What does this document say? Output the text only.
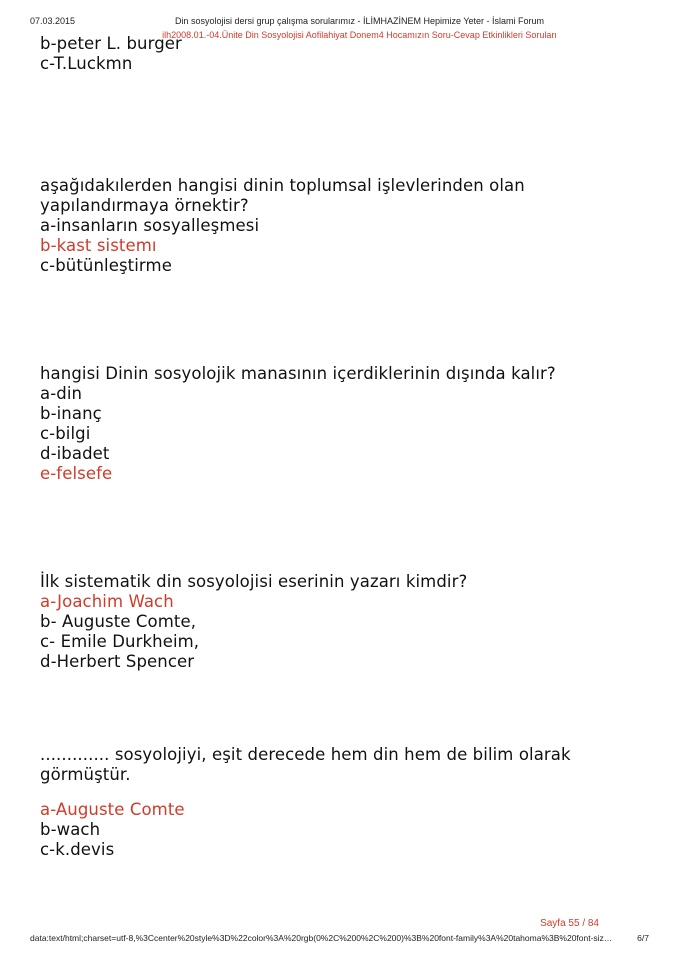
07.03.2015	Din sosyolojisi dersi grup çalışma sorularımız - İLİMHAZİNEM Hepimize Yeter - İslami Forum
ilh2008.01.-04.Ünite Din Sosyolojisi Aofilahiyat Donem4 Hocamızın Soru-Cevap Etkinlikleri Soruları
b-peter L. burger
c-T.Luckmn
aşağıdakılerden hangisi dinin toplumsal işlevlerinden olan
yapılandırmaya örnektir?
a-insanların sosyalleşmesi
b-kast sistemı
c-bütünleştirme
hangisi Dinin sosyolojik manasının içerdiklerinin dışında kalır?
a-din
b-inanç
c-bilgi
d-ibadet
e-felsefe
İlk sistematik din sosyolojisi eserinin yazarı kimdir?
a-Joachim Wach
b- Auguste Comte,
c- Emile Durkheim,
d-Herbert Spencer
............. sosyolojiyi, eşit derecede hem din hem de bilim olarak
görmüştür.
a-Auguste Comte
b-wach
c-k.devis
Sayfa 55 / 84
data:text/html;charset=utf-8,%3Ccenter%20style%3D%22color%3A%20rgb(0%2C%200%2C%200)%3B%20font-family%3A%20tahoma%3B%20font-siz…	6/7
